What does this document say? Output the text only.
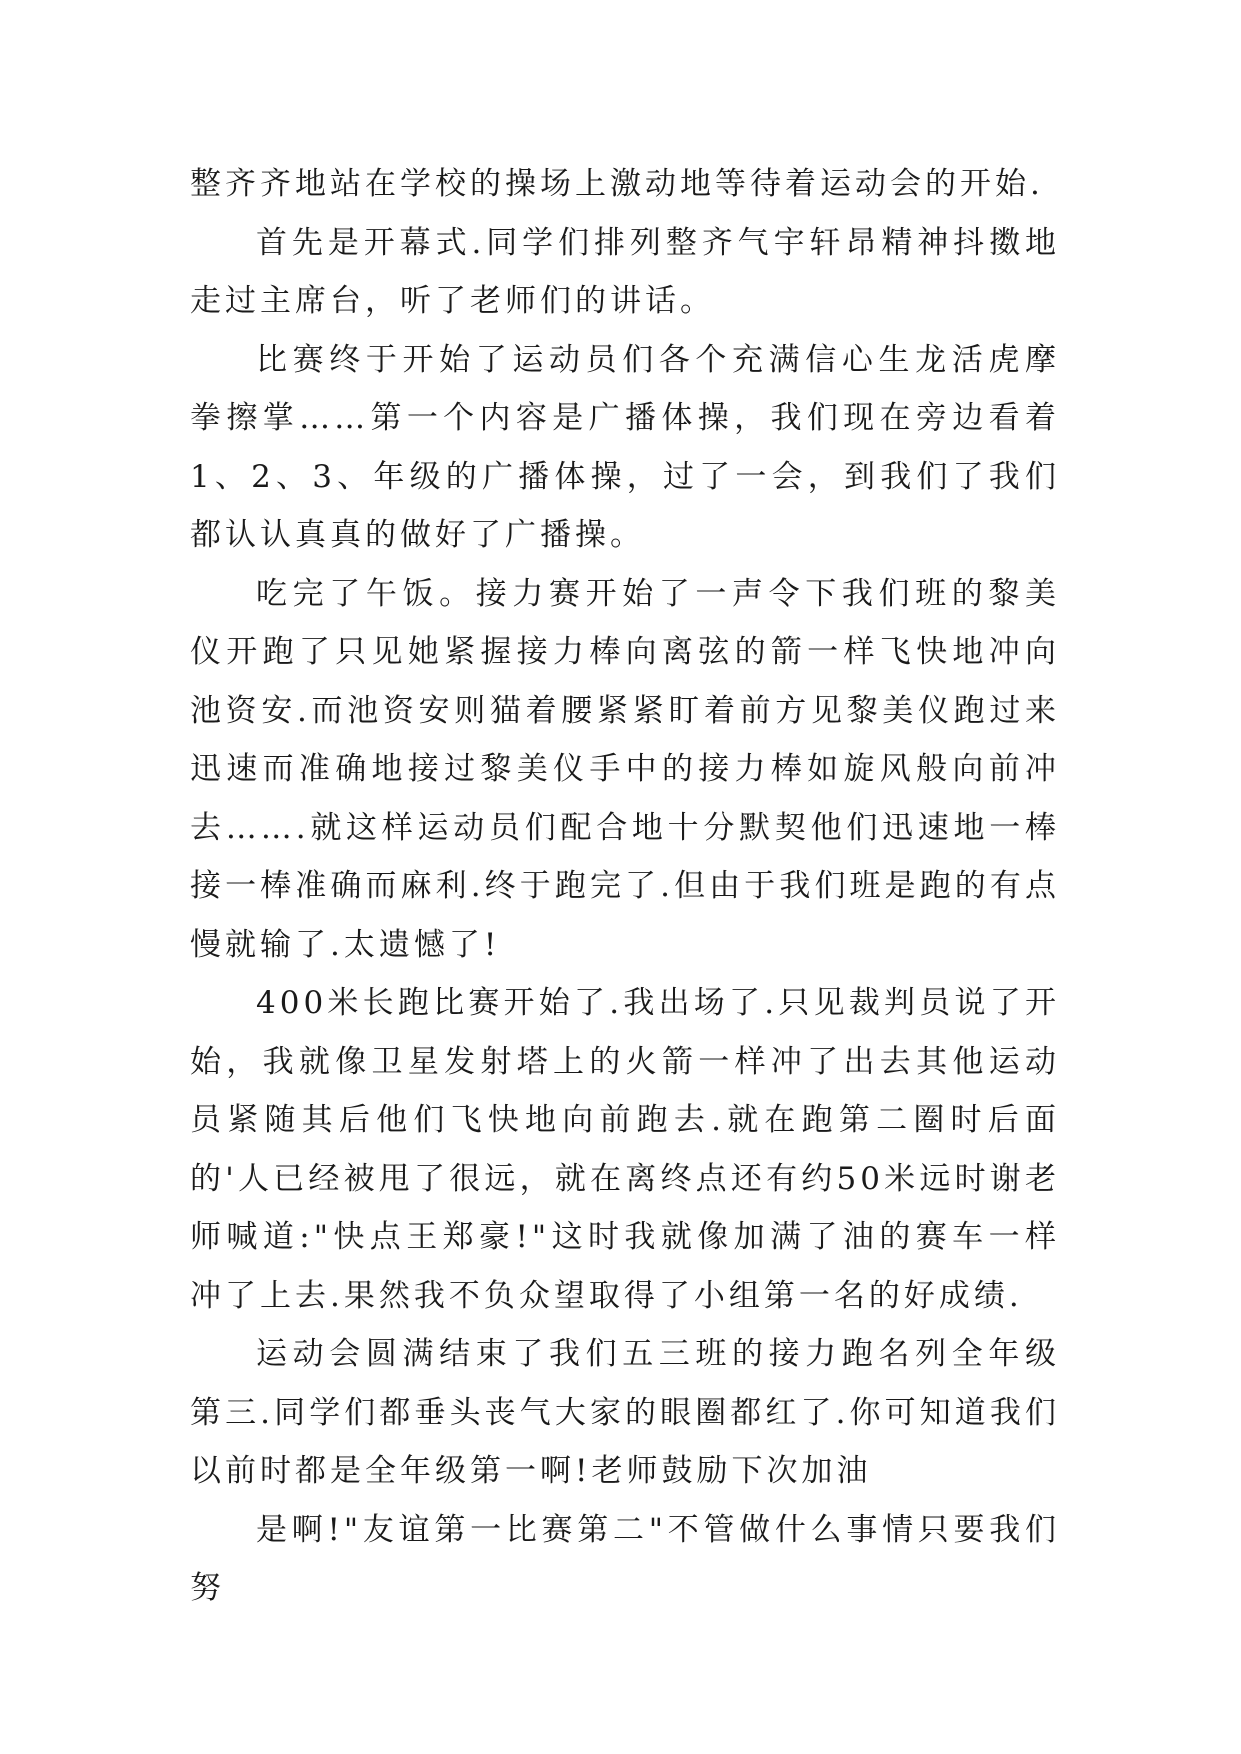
整齐齐地站在学校的操场上激动地等待着运动会的开始.

首先是开幕式.同学们排列整齐气宇轩昂精神抖擞地走过主席台，听了老师们的讲话。

比赛终于开始了运动员们各个充满信心生龙活虎摩拳擦掌……第一个内容是广播体操，我们现在旁边看着1、2、3、年级的广播体操，过了一会，到我们了我们都认认真真的做好了广播操。

吃完了午饭。接力赛开始了一声令下我们班的黎美仪开跑了只见她紧握接力棒向离弦的箭一样飞快地冲向池资安.而池资安则猫着腰紧紧盯着前方见黎美仪跑过来迅速而准确地接过黎美仪手中的接力棒如旋风般向前冲去…….就这样运动员们配合地十分默契他们迅速地一棒接一棒准确而麻利.终于跑完了.但由于我们班是跑的有点慢就输了.太遗憾了!

400米长跑比赛开始了.我出场了.只见裁判员说了开始，我就像卫星发射塔上的火箭一样冲了出去其他运动员紧随其后他们飞快地向前跑去.就在跑第二圈时后面的'人已经被甩了很远，就在离终点还有约50米远时谢老师喊道:"快点王郑豪!"这时我就像加满了油的赛车一样冲了上去.果然我不负众望取得了小组第一名的好成绩.

运动会圆满结束了我们五三班的接力跑名列全年级第三.同学们都垂头丧气大家的眼圈都红了.你可知道我们以前时都是全年级第一啊!老师鼓励下次加油

是啊!"友谊第一比赛第二"不管做什么事情只要我们努
